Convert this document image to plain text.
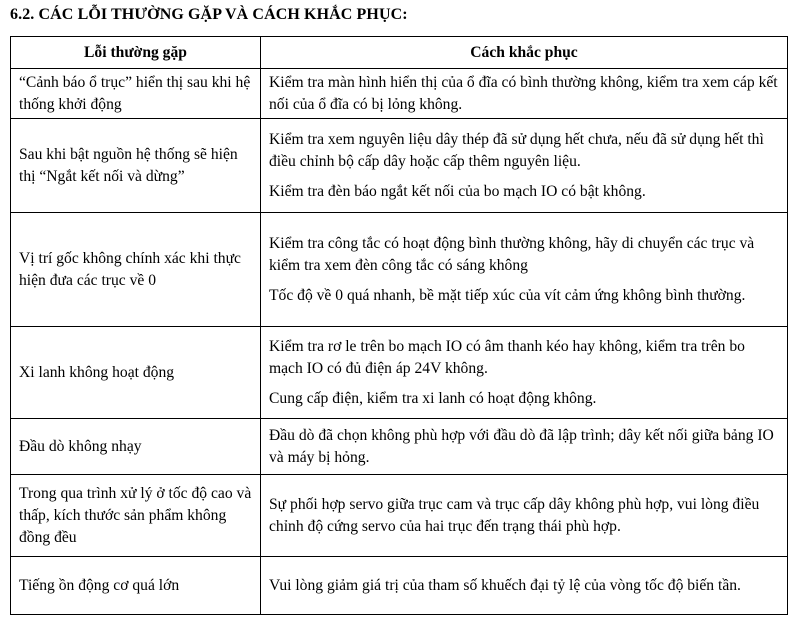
6.2. CÁC LỖI THƯỜNG GẶP VÀ CÁCH KHẮC PHỤC:
Lỗi thường gặp	Cách khắc phục
“Cảnh báo ổ trục” hiển thị sau khi hệ thống khởi động	Kiểm tra màn hình hiển thị của ổ đĩa có bình thường không, kiểm tra xem cáp kết nối của ổ đĩa có bị lỏng không.

Sau khi bật nguồn hệ thống sẽ hiện thị “Ngắt kết nối và dừng”	Kiểm tra xem nguyên liệu dây thép đã sử dụng hết chưa, nếu đã sử dụng hết thì điều chỉnh bộ cấp dây hoặc cấp thêm nguyên liệu.

Kiểm tra đèn báo ngắt kết nối của bo mạch IO có bật không.

Vị trí gốc không chính xác khi thực hiện đưa các trục về 0	Kiểm tra công tắc có hoạt động bình thường không, hãy di chuyển các trục và kiểm tra xem đèn công tắc có sáng không

Tốc độ về 0 quá nhanh, bề mặt tiếp xúc của vít cảm ứng không bình thường.

Xi lanh không hoạt động	Kiểm tra rơ le trên bo mạch IO có âm thanh kéo hay không, kiểm tra trên bo mạch IO có đủ điện áp 24V không.

Cung cấp điện, kiểm tra xi lanh có hoạt động không.

Đầu dò không nhạy	Đầu dò đã chọn không phù hợp với đầu dò đã lập trình; dây kết nối giữa bảng IO và máy bị hỏng.

Trong qua trình xử lý ở tốc độ cao và thấp, kích thước sản phẩm không đồng đều	Sự phối hợp servo giữa trục cam và trục cấp dây không phù hợp, vui lòng điều chỉnh độ cứng servo của hai trục đến trạng thái phù hợp.

Tiếng ồn động cơ quá lớn	Vui lòng giảm giá trị của tham số khuếch đại tỷ lệ của vòng tốc độ biến tần.
